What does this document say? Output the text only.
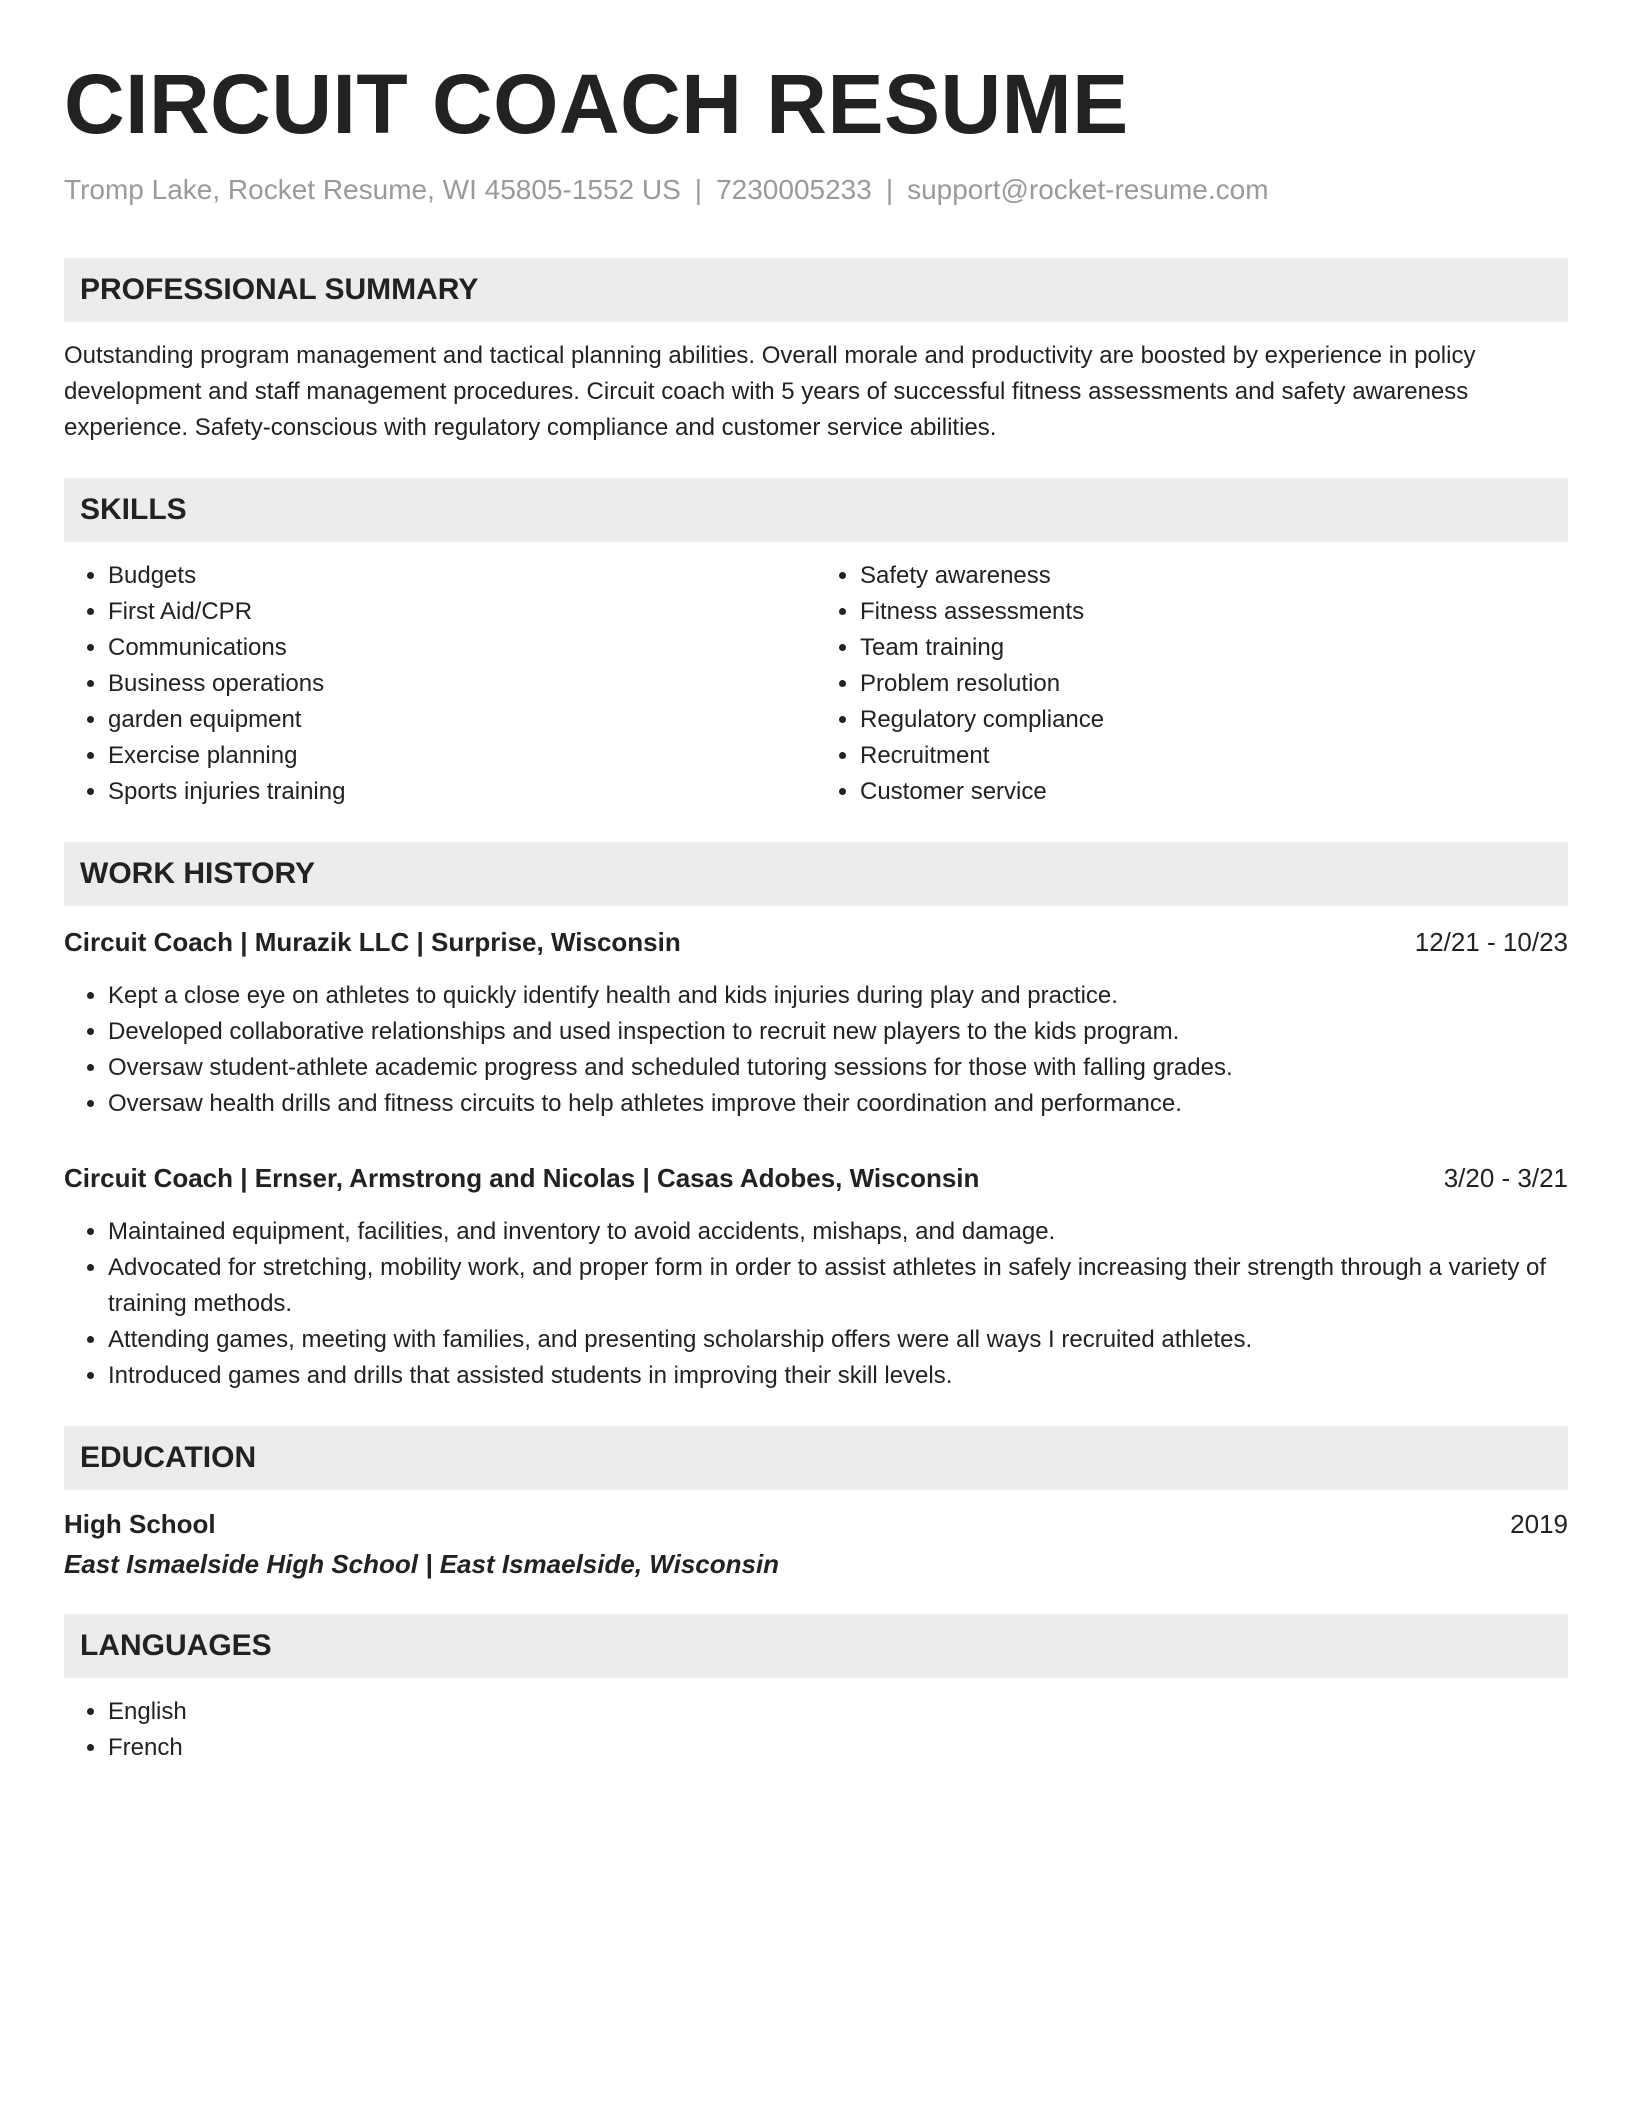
CIRCUIT COACH RESUME
Tromp Lake, Rocket Resume, WI 45805-1552 US | 7230005233 | support@rocket-resume.com
PROFESSIONAL SUMMARY
Outstanding program management and tactical planning abilities. Overall morale and productivity are boosted by experience in policy development and staff management procedures. Circuit coach with 5 years of successful fitness assessments and safety awareness experience. Safety-conscious with regulatory compliance and customer service abilities.
SKILLS
• Budgets
• First Aid/CPR
• Communications
• Business operations
• garden equipment
• Exercise planning
• Sports injuries training
• Safety awareness
• Fitness assessments
• Team training
• Problem resolution
• Regulatory compliance
• Recruitment
• Customer service
WORK HISTORY
Circuit Coach | Murazik LLC | Surprise, Wisconsin	12/21 - 10/23
• Kept a close eye on athletes to quickly identify health and kids injuries during play and practice.
• Developed collaborative relationships and used inspection to recruit new players to the kids program.
• Oversaw student-athlete academic progress and scheduled tutoring sessions for those with falling grades.
• Oversaw health drills and fitness circuits to help athletes improve their coordination and performance.
Circuit Coach | Ernser, Armstrong and Nicolas | Casas Adobes, Wisconsin	3/20 - 3/21
• Maintained equipment, facilities, and inventory to avoid accidents, mishaps, and damage.
• Advocated for stretching, mobility work, and proper form in order to assist athletes in safely increasing their strength through a variety of training methods.
• Attending games, meeting with families, and presenting scholarship offers were all ways I recruited athletes.
• Introduced games and drills that assisted students in improving their skill levels.
EDUCATION
High School	2019
East Ismaelside High School | East Ismaelside, Wisconsin
LANGUAGES
• English
• French
